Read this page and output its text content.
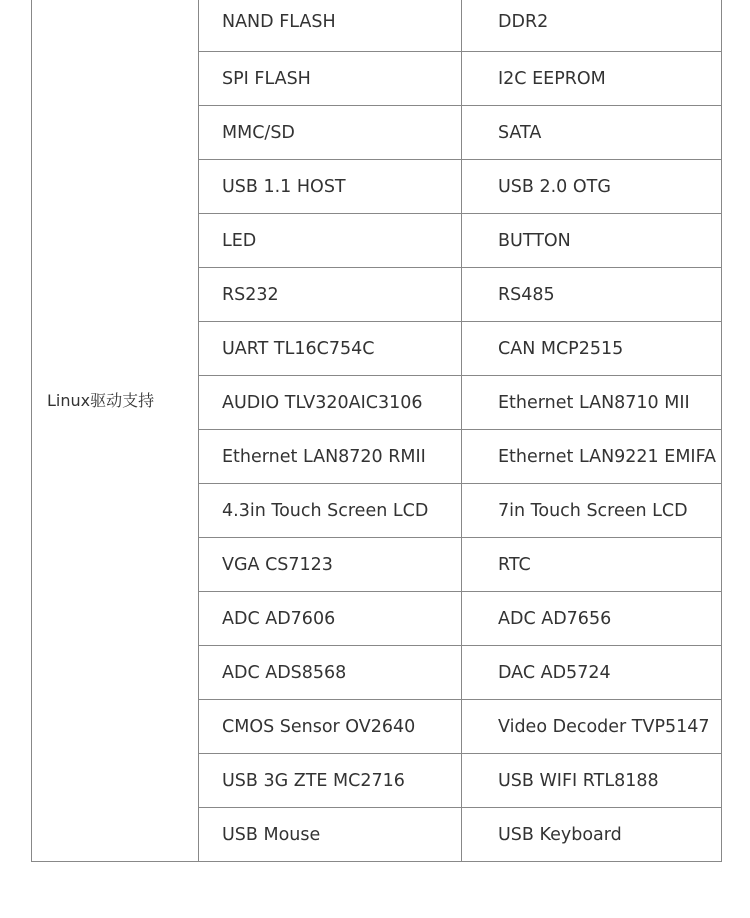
Linux驱动支持
NAND FLASH	DDR2
SPI FLASH	I2C EEPROM
MMC/SD	SATA
USB 1.1 HOST	USB 2.0 OTG
LED	BUTTON
RS232	RS485
UART TL16C754C	CAN MCP2515
AUDIO TLV320AIC3106	Ethernet LAN8710 MII
Ethernet LAN8720 RMII	Ethernet LAN9221 EMIFA
4.3in Touch Screen LCD	7in Touch Screen LCD
VGA CS7123	RTC
ADC AD7606	ADC AD7656
ADC ADS8568	DAC AD5724
CMOS Sensor OV2640	Video Decoder TVP5147
USB 3G ZTE MC2716	USB WIFI RTL8188
USB Mouse	USB Keyboard
